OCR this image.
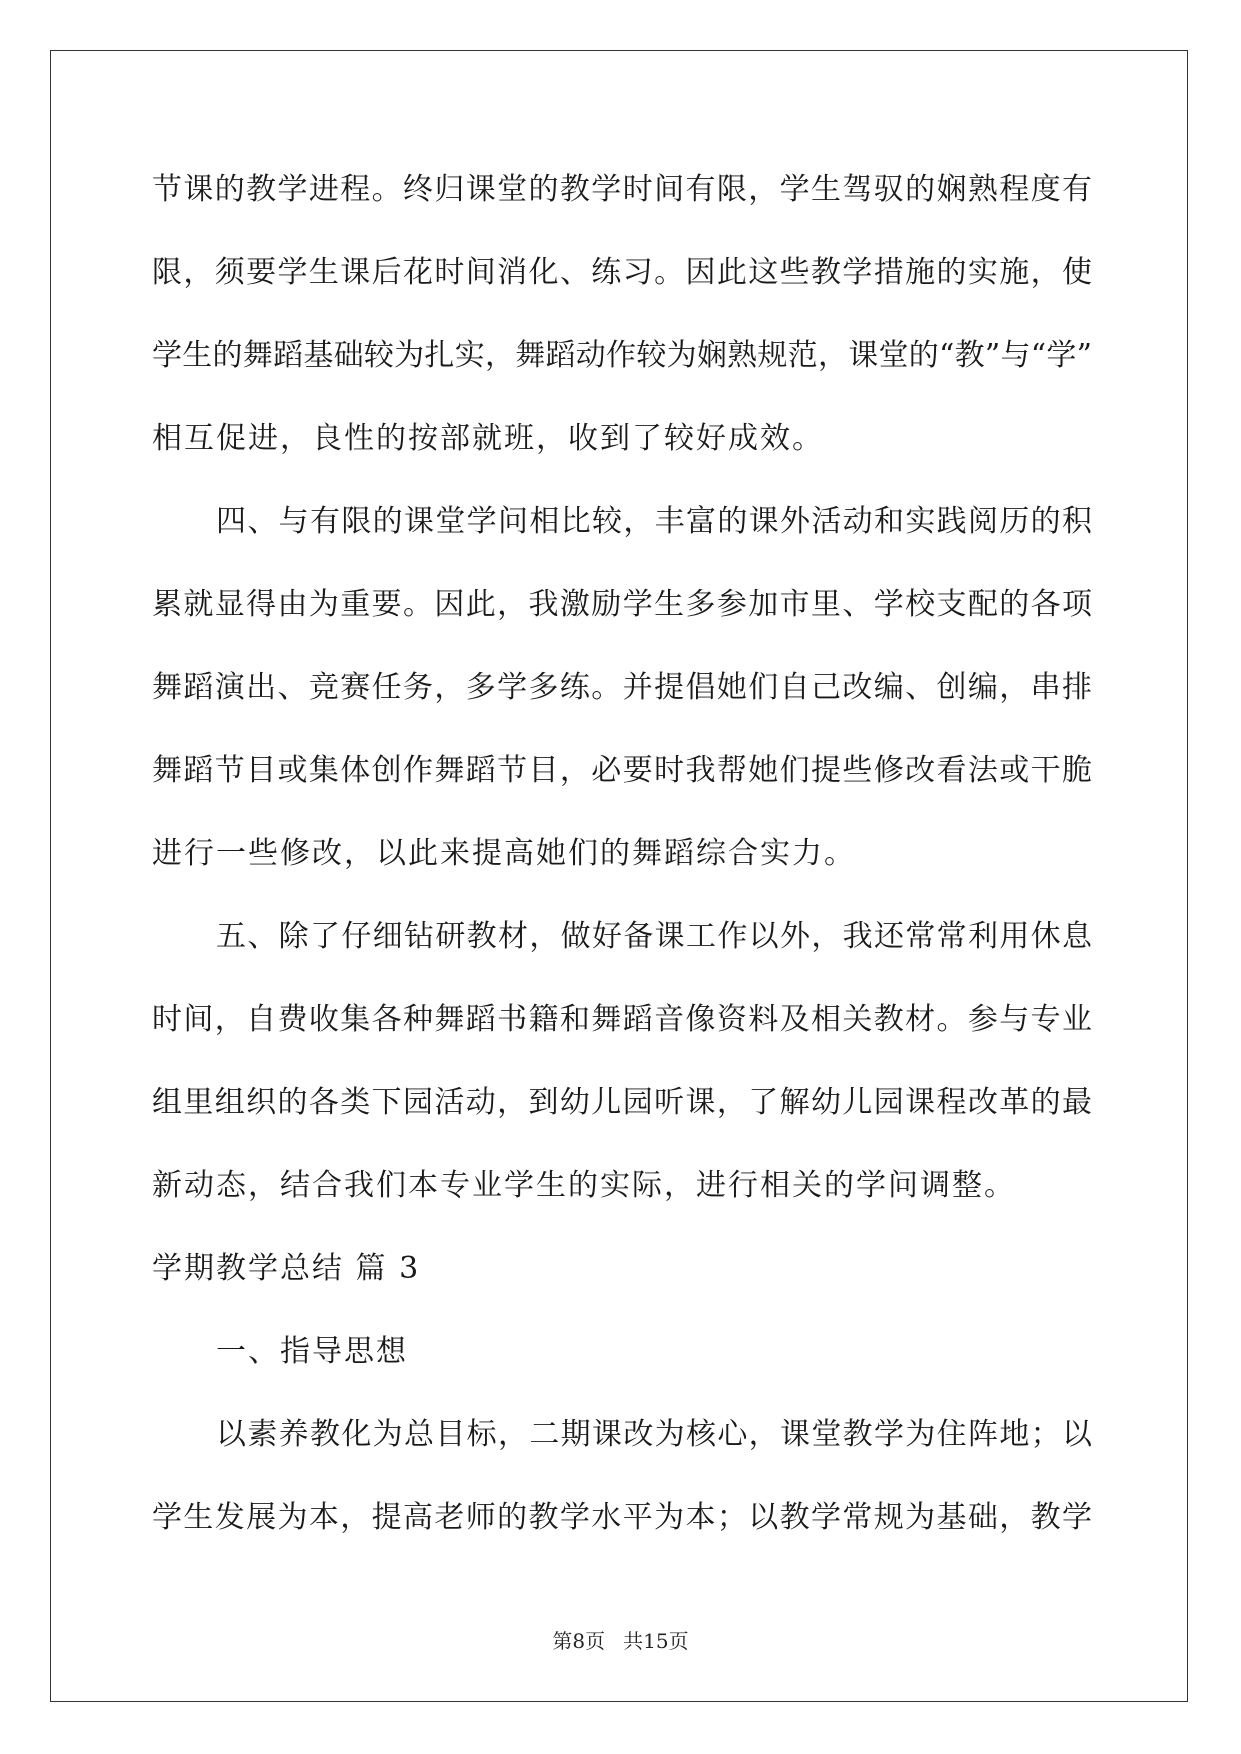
节课的教学进程。终归课堂的教学时间有限，学生驾驭的娴熟程度有
限，须要学生课后花时间消化、练习。因此这些教学措施的实施，使
学生的舞蹈基础较为扎实，舞蹈动作较为娴熟规范，课堂的“教”与“学”
相互促进，良性的按部就班，收到了较好成效。
四、与有限的课堂学问相比较，丰富的课外活动和实践阅历的积
累就显得由为重要。因此，我激励学生多参加市里、学校支配的各项
舞蹈演出、竞赛任务，多学多练。并提倡她们自己改编、创编，串排
舞蹈节目或集体创作舞蹈节目，必要时我帮她们提些修改看法或干脆
进行一些修改，以此来提高她们的舞蹈综合实力。
五、除了仔细钻研教材，做好备课工作以外，我还常常利用休息
时间，自费收集各种舞蹈书籍和舞蹈音像资料及相关教材。参与专业
组里组织的各类下园活动，到幼儿园听课，了解幼儿园课程改革的最
新动态，结合我们本专业学生的实际，进行相关的学问调整。
学期教学总结 篇 3
一、指导思想
以素养教化为总目标，二期课改为核心，课堂教学为住阵地；以
学生发展为本，提高老师的教学水平为本；以教学常规为基础，教学
第8页 共15页
